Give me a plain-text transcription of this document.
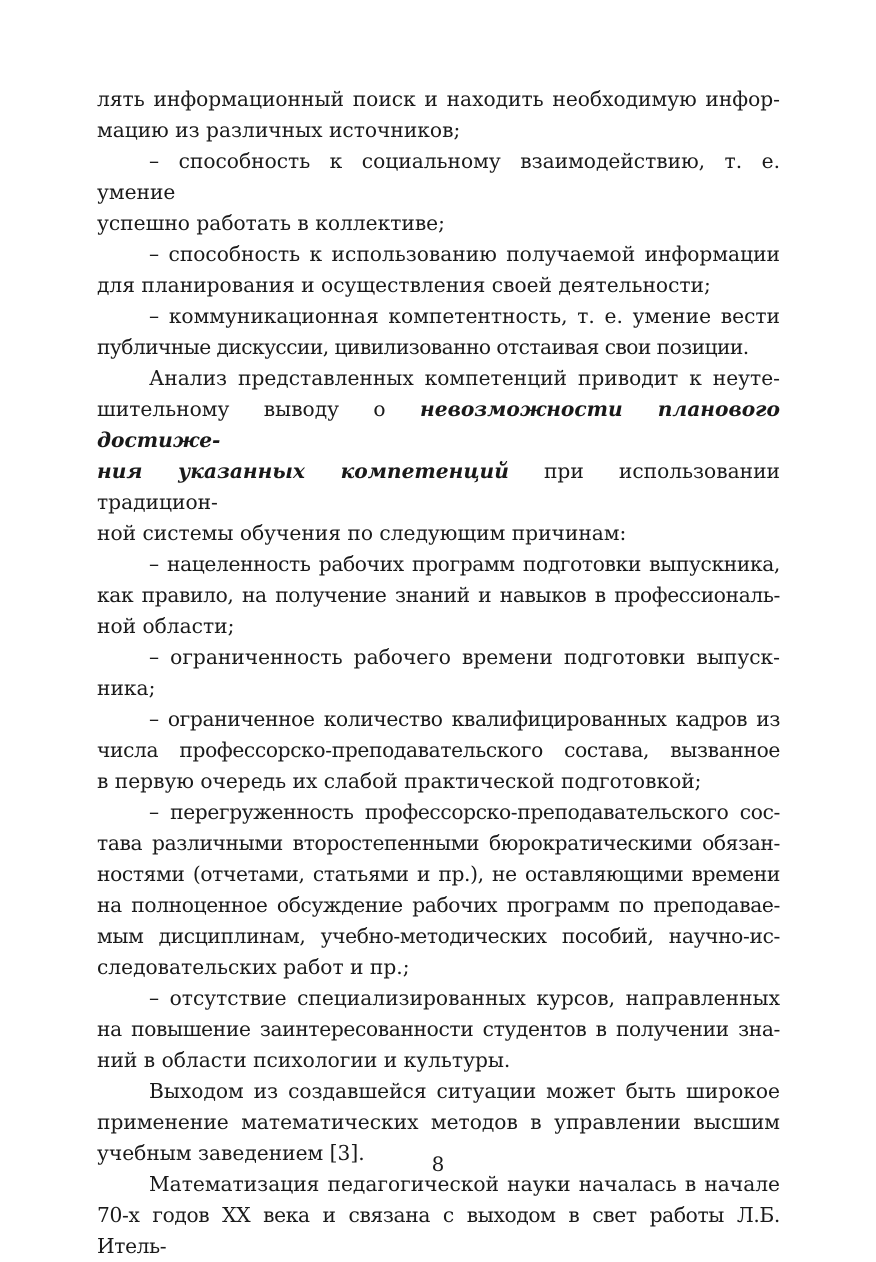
лять информационный поиск и находить необходимую инфор-

мацию из различных источников;

– способность к социальному взаимодействию, т. е. умение

успешно работать в коллективе;

– способность к использованию получаемой информации

для планирования и осуществления своей деятельности;

– коммуникационная компетентность, т. е. умение вести

публичные дискуссии, цивилизованно отстаивая свои позиции.

Анализ представленных компетенций приводит к неуте-

шительному выводу о невозможности планового достиже-

ния указанных компетенций при использовании традицион-

ной системы обучения по следующим причинам:

– нацеленность рабочих программ подготовки выпускника,

как правило, на получение знаний и навыков в профессиональ-

ной области;

– ограниченность рабочего времени подготовки выпуск-

ника;

– ограниченное количество квалифицированных кадров из

числа профессорско-преподавательского состава, вызванное

в первую очередь их слабой практической подготовкой;

– перегруженность профессорско-преподавательского сос-

тава различными второстепенными бюрократическими обязан-

ностями (отчетами, статьями и пр.), не оставляющими времени

на полноценное обсуждение рабочих программ по преподавае-

мым дисциплинам, учебно-методических пособий, научно-ис-

следовательских работ и пр.;

– отсутствие специализированных курсов, направленных

на повышение заинтересованности студентов в получении зна-

ний в области психологии и культуры.

Выходом из создавшейся ситуации может быть широкое

применение математических методов в управлении высшим

учебным заведением [3].

Математизация педагогической науки началась в начале

70-х годов XX века и связана с выходом в свет работы Л.Б. Итель-

8
